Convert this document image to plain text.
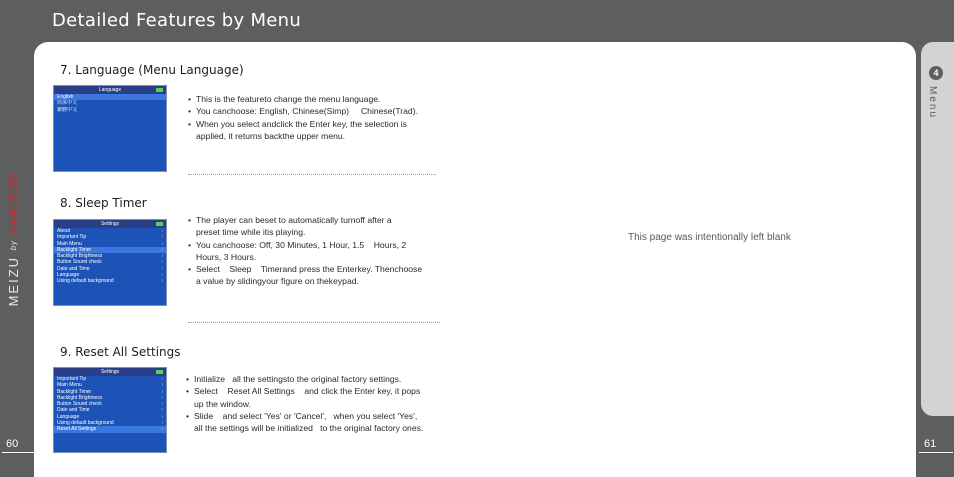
Detailed Features by Menu
4
Menu
MEIZU
by
DANE-ELEC
60	61
7. Language (Menu Language)
Language
English
简体中文
繁體中文
• This is the featureto change the menu language.
• You canchoose: English, Chinese(Simp)     Chinese(Trad).
• When you select andclick the Enter key, the selection is
applied, it returns backthe upper menu.
8. Sleep Timer
Settings
About	›
Important Tip	›
Main Menu	›
Backlight Timer	›
Backlight Brightness	›
Button Sound check	›
Date and Time	›
Language	›
Using default background	›
• The player can beset to automatically turnoff after a
preset time while itis playing.
• You canchoose: Off, 30 Minutes, 1 Hour, 1.5    Hours, 2
Hours, 3 Hours.
• Select    Sleep    Timerand press the Enterkey. Thenchoose
a value by slidingyour figure on thekeypad.
9. Reset All Settings
Settings
Important Tip	›
Main Menu	›
Backlight Timer	›
Backlight Brightness	›
Button Sound check	›
Date and Time	›
Language	›
Using default background	›
Reset All Settings	›
• Initialize   all the settingsto the original factory settings.
• Select    Reset All Settings    and click the Enter key, it pops
up the window.
• Slide    and select 'Yes' or 'Cancel',   when you select 'Yes',
all the settings will be initialized   to the original factory ones.
This page was intentionally left blank
